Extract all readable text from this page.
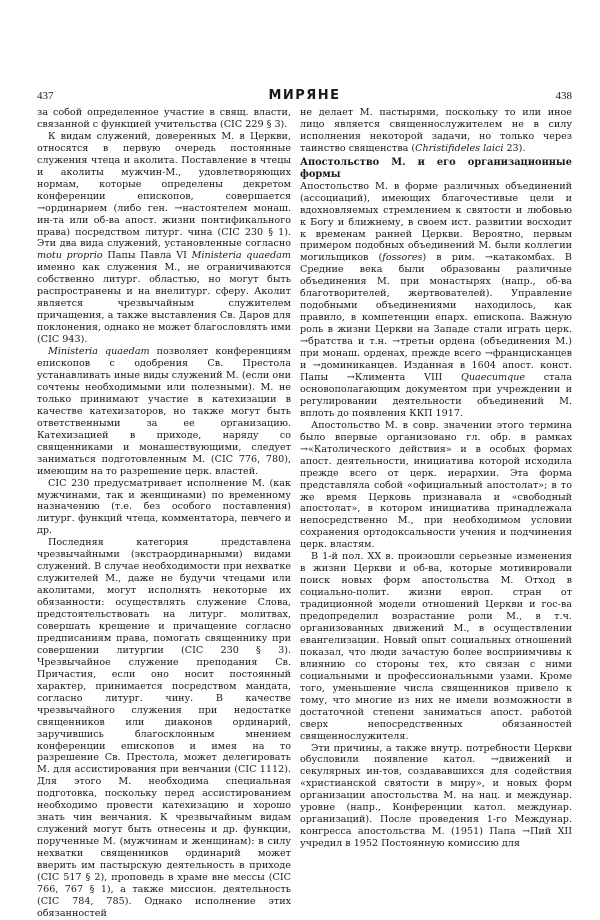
437	МИРЯНЕ	438

за собой определенное участие в свящ. власти, связанной с функцией учительства (CIC 229 § 3).

К видам служений, доверенных М. в Церкви, относятся в первую очередь постоянные служения чтеца и аколита. Поставление в чтецы и аколиты мужчин-М., удовлетворяющих нормам, которые определены декретом конференции епископов, совершается →ординарием (либо ген. →настоятелем монаш. ин-та или об-ва апост. жизни понтификального права) посредством литург. чина (CIC 230 § 1). Эти два вида служений, установленные согласно motu proprio Папы Павла VI Ministeria quaedam именно как служения М., не ограничиваются собственно литург. областью, но могут быть распространены и на внелитург. сферу. Аколит является чрезвычайным служителем причащения, а также выставления Св. Даров для поклонения, однако не может благословлять ими (CIC 943).

Ministeria quaedam позволяет конференциям епископов с одобрения Св. Престола устанавливать иные виды служений М. (если они сочтены необходимыми или полезными). М. не только принимают участие в катехизации в качестве катехизаторов, но также могут быть ответственными за ее организацию. Катехизацией в приходе, наряду со священниками и монашествующими, следует заниматься подготовленным М. (CIC 776, 780), имеющим на то разрешение церк. властей.

CIC 230 предусматривает исполнение М. (как мужчинами, так и женщинами) по временному назначению (т.е. без особого поставления) литург. функций чтеца, комментатора, певчего и др.

Последняя категория представлена чрезвычайными (экстраординарными) видами служений. В случае необходимости при нехватке служителей М., даже не будучи чтецами или аколитами, могут исполнять некоторые их обязанности: осуществлять служение Слова, предстоятельствовать на литург. молитвах, совершать крещение и причащение согласно предписаниям права, помогать священнику при совершении литургии (CIC 230 § 3). Чрезвычайное служение преподания Св. Причастия, если оно носит постоянный характер, принимается посредством мандата, согласно литург. чину. В качестве чрезвычайного служения при недостатке священников или диаконов ординарий, заручившись благосклонным мнением конференции епископов и имея на то разрешение Св. Престола, может делегировать М. для ассистирования при венчании (CIC 1112). Для этого М. необходима специальная подготовка, поскольку перед ассистированием необходимо провести катехизацию и хорошо знать чин венчания. К чрезвычайным видам служений могут быть отнесены и др. функции, порученные М. (мужчинам и женщинам): в силу нехватки священников ординарий может вверить им пастырскую деятельность в приходе (CIC 517 § 2), проповедь в храме вне мессы (CIC 766, 767 § 1), а также миссион. деятельность (CIC 784, 785). Однако исполнение этих обязанностей

не делает М. пастырями, поскольку то или иное лицо является священнослужителем не в силу исполнения некоторой задачи, но только через таинство священства (Christifideles laici 23).

Апостольство М. и его организационные формы

Апостольство М. в форме различных объединений (ассоциаций), имеющих благочестивые цели и вдохновляемых стремлением к святости и любовью к Богу и ближнему, в своем ист. развитии восходит к временам ранней Церкви. Вероятно, первым примером подобных объединений М. были коллегии могильщиков (fossores) в рим. →катакомбах. В Средние века были образованы различные объединения М. при монастырях (напр., об-ва благотворителей, жертвователей). Управление подобными объединениями находилось, как правило, в компетенции епарх. епископа. Важную роль в жизни Церкви на Западе стали играть церк. →братства и т.н. →третьи ордена (объединения М.) при монаш. орденах, прежде всего →францисканцев и →доминиканцев. Изданная в 1604 апост. конст. Папы →Климента VIII Quaecumque стала основополагающим документом при учреждении и регулировании деятельности объединений М. вплоть до появления ККП 1917.

Апостольство М. в совр. значении этого термина было впервые организовано гл. обр. в рамках →«Католического действия» и в особых формах апост. деятельности, инициатива которой исходила прежде всего от церк. иерархии. Эта форма представляла собой «официальный апостолат»; в то же время Церковь признавала и «свободный апостолат», в котором инициатива принадлежала непосредственно М., при необходимом условии сохранения ортодоксальности учения и подчинения церк. властям.

В 1-й пол. XX в. произошли серьезные изменения в жизни Церкви и об-ва, которые мотивировали поиск новых форм апостольства М. Отход в социально-полит. жизни европ. стран от традиционной модели отношений Церкви и гос-ва предопределил возрастание роли М., в т.ч. организованных движений М., в осуществлении евангелизации. Новый опыт социальных отношений показал, что люди зачастую более восприимчивы к влиянию со стороны тех, кто связан с ними социальными и профессиональными узами. Кроме того, уменьшение числа священников привело к тому, что многие из них не имели возможности в достаточной степени заниматься апост. работой сверх непосредственных обязанностей священнослужителя.

Эти причины, а также внутр. потребности Церкви обусловили появление катол. →движений и секулярных ин-тов, создававшихся для содействия «христианской святости в миру», и новых форм организации апостольства М. на нац. и междунар. уровне (напр., Конференции катол. междунар. организаций). После проведения 1-го Междунар. конгресса апостольства М. (1951) Папа →Пий XII учредил в 1952 Постоянную комиссию для
